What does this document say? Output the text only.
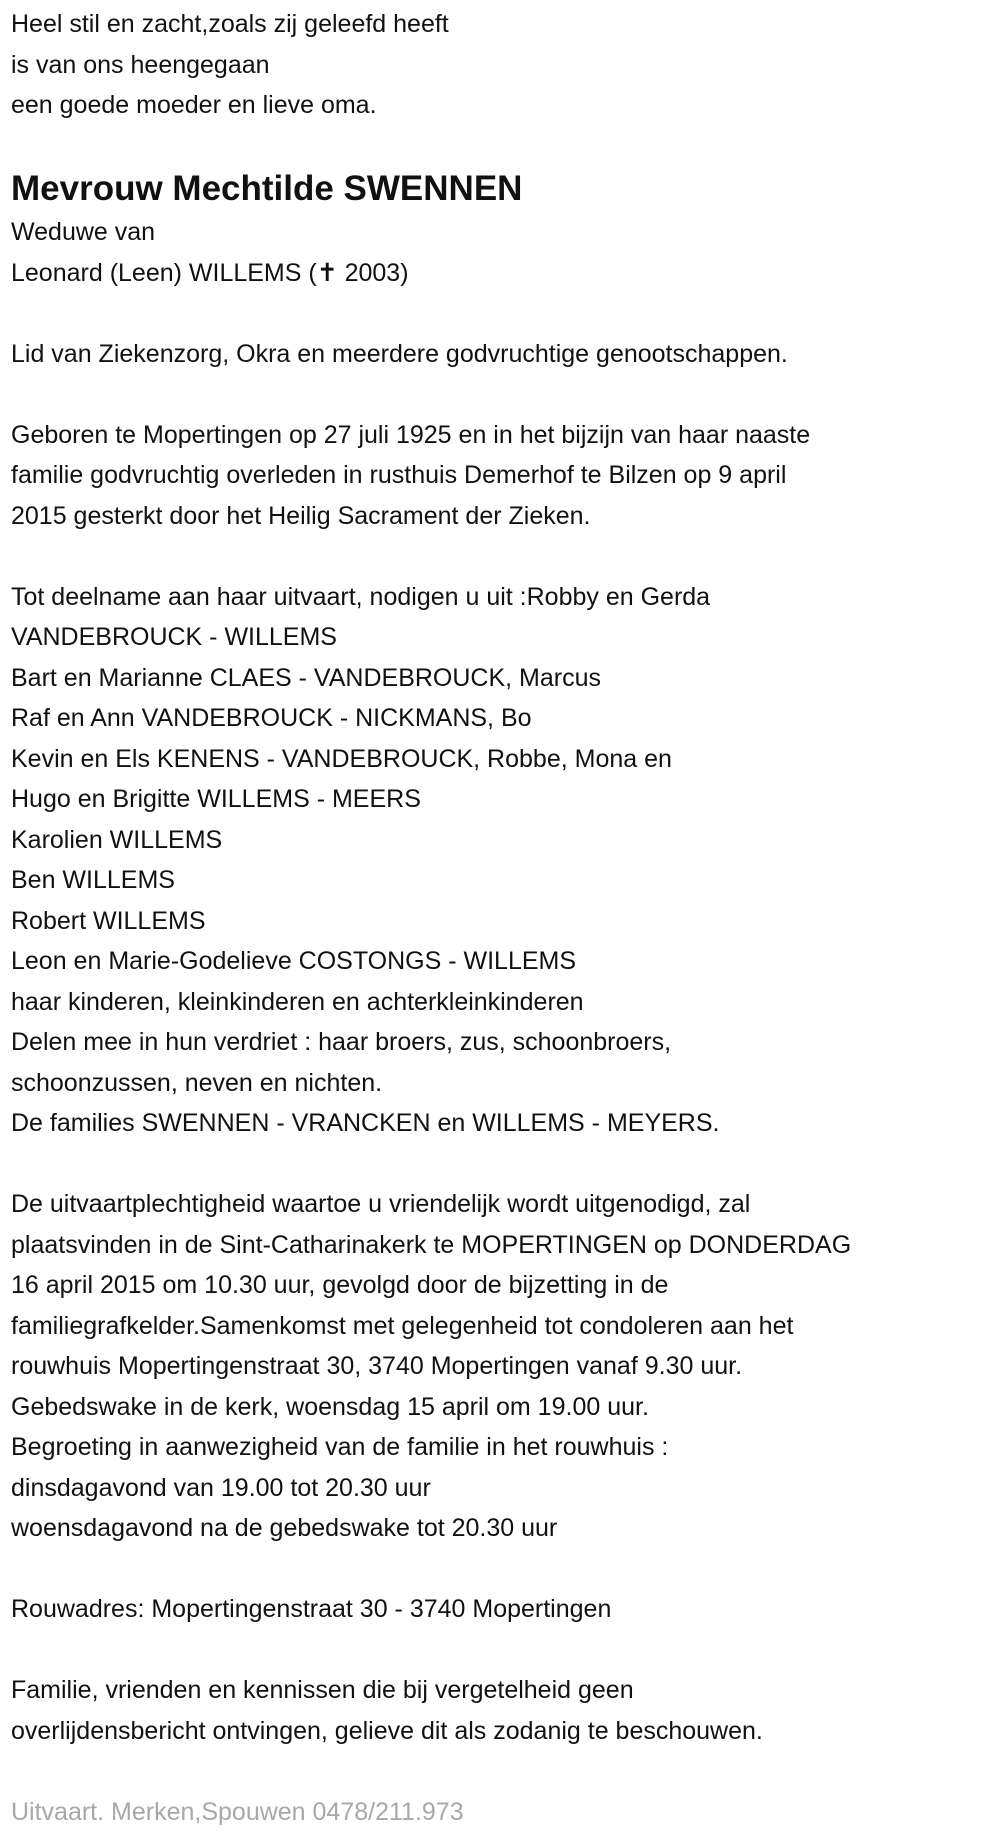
Heel stil en zacht,zoals zij geleefd heeft
is van ons heengegaan
een goede moeder en lieve oma.
Mevrouw Mechtilde SWENNEN
Weduwe van
Leonard (Leen) WILLEMS (✝ 2003)
Lid van Ziekenzorg, Okra en meerdere godvruchtige genootschappen.
Geboren te Mopertingen op 27 juli 1925 en in het bijzijn van haar naaste
familie godvruchtig overleden in rusthuis Demerhof te Bilzen op 9 april
2015 gesterkt door het Heilig Sacrament der Zieken.
Tot deelname aan haar uitvaart, nodigen u uit :Robby en Gerda
VANDEBROUCK - WILLEMS
Bart en Marianne CLAES - VANDEBROUCK, Marcus
Raf en Ann VANDEBROUCK - NICKMANS, Bo
Kevin en Els KENENS - VANDEBROUCK, Robbe, Mona en
Hugo en Brigitte WILLEMS - MEERS
Karolien WILLEMS
Ben WILLEMS
Robert WILLEMS
Leon en Marie-Godelieve COSTONGS - WILLEMS
haar kinderen, kleinkinderen en achterkleinkinderen
Delen mee in hun verdriet : haar broers, zus, schoonbroers,
schoonzussen, neven en nichten.
De families SWENNEN - VRANCKEN en WILLEMS - MEYERS.
De uitvaartplechtigheid waartoe u vriendelijk wordt uitgenodigd, zal
plaatsvinden in de Sint-Catharinakerk te MOPERTINGEN op DONDERDAG
16 april 2015 om 10.30 uur, gevolgd door de bijzetting in de
familiegrafkelder.Samenkomst met gelegenheid tot condoleren aan het
rouwhuis Mopertingenstraat 30, 3740 Mopertingen vanaf 9.30 uur.
Gebedswake in de kerk, woensdag 15 april om 19.00 uur.
Begroeting in aanwezigheid van de familie in het rouwhuis :
dinsdagavond van 19.00 tot 20.30 uur
woensdagavond na de gebedswake tot 20.30 uur
Rouwadres: Mopertingenstraat 30 - 3740 Mopertingen
Familie, vrienden en kennissen die bij vergetelheid geen
overlijdensbericht ontvingen, gelieve dit als zodanig te beschouwen.
Uitvaart. Merken,Spouwen 0478/211.973
